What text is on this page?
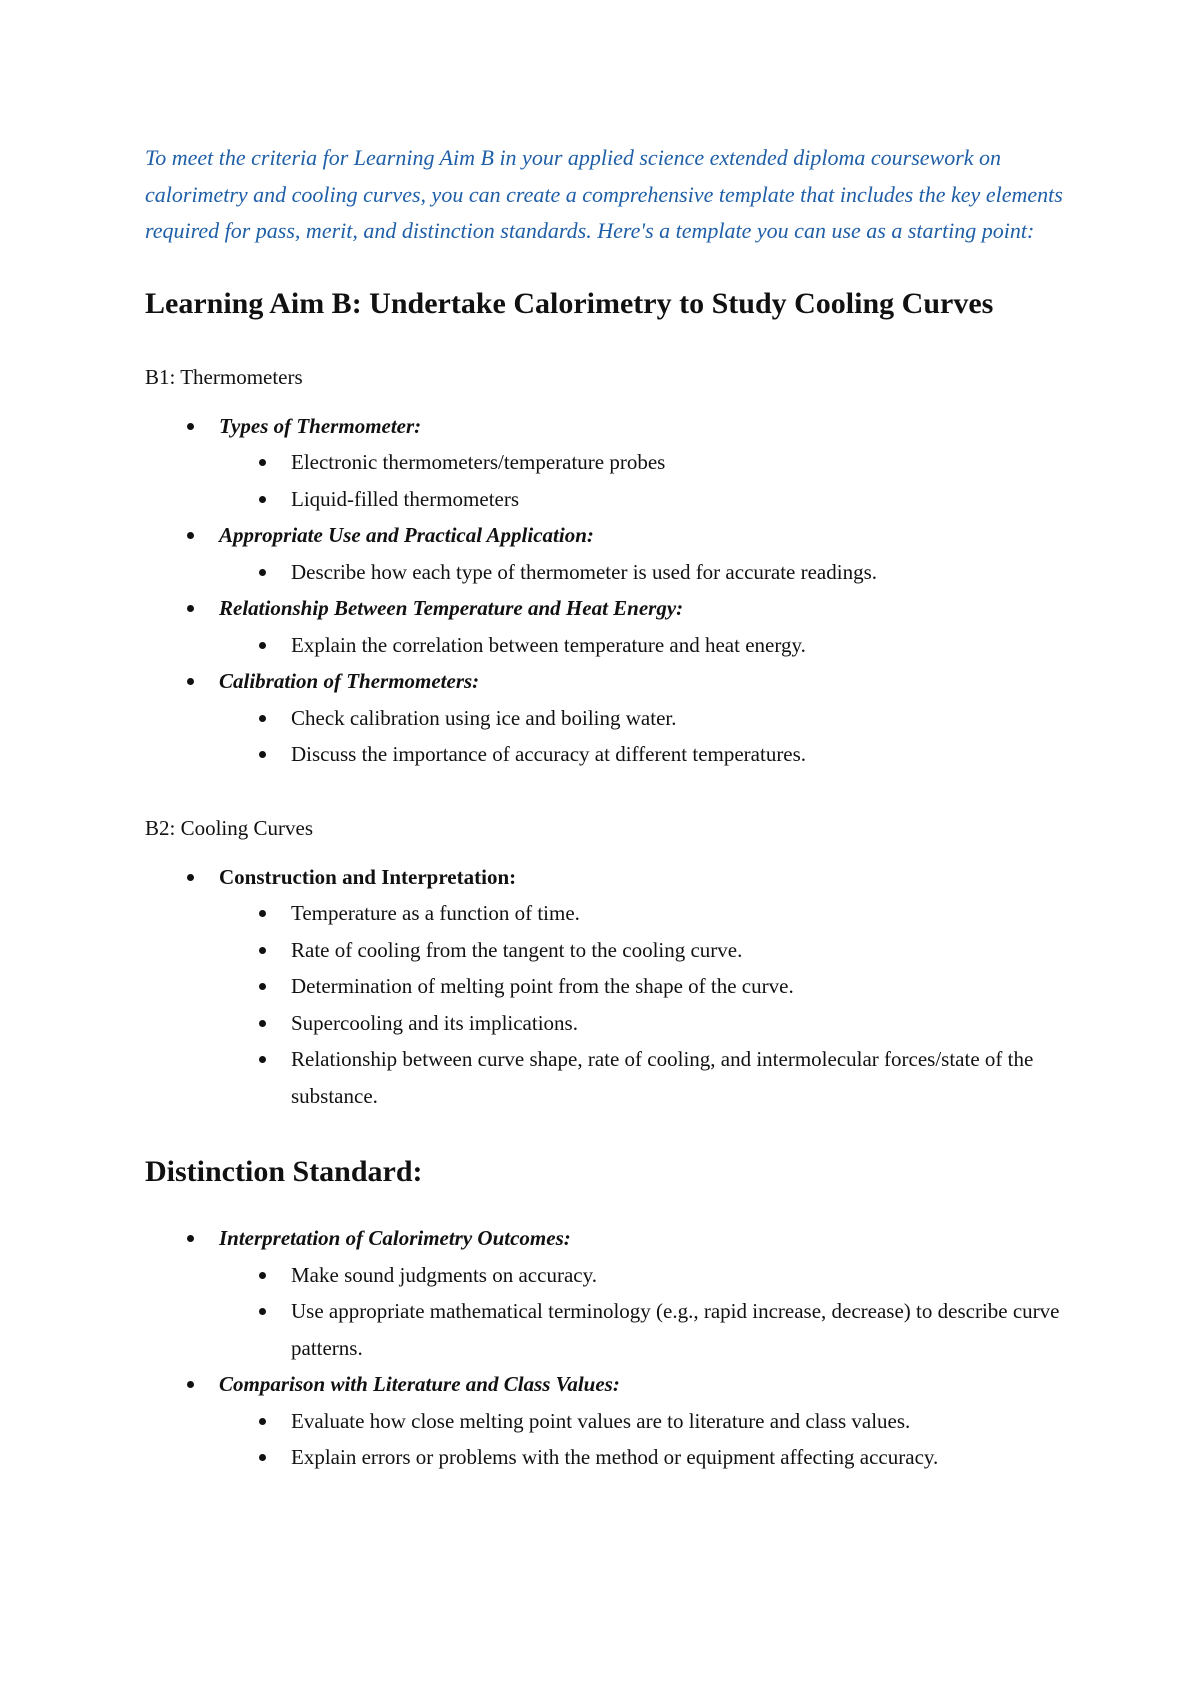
To meet the criteria for Learning Aim B in your applied science extended diploma coursework on calorimetry and cooling curves, you can create a comprehensive template that includes the key elements required for pass, merit, and distinction standards. Here's a template you can use as a starting point:

Learning Aim B: Undertake Calorimetry to Study Cooling Curves
B1: Thermometers
Types of Thermometer:
Electronic thermometers/temperature probes
Liquid-filled thermometers
Appropriate Use and Practical Application:
Describe how each type of thermometer is used for accurate readings.
Relationship Between Temperature and Heat Energy:
Explain the correlation between temperature and heat energy.
Calibration of Thermometers:
Check calibration using ice and boiling water.
Discuss the importance of accuracy at different temperatures.
B2: Cooling Curves
Construction and Interpretation:
Temperature as a function of time.
Rate of cooling from the tangent to the cooling curve.
Determination of melting point from the shape of the curve.
Supercooling and its implications.
Relationship between curve shape, rate of cooling, and intermolecular forces/state of the substance.
Distinction Standard:
Interpretation of Calorimetry Outcomes:
Make sound judgments on accuracy.
Use appropriate mathematical terminology (e.g., rapid increase, decrease) to describe curve patterns.
Comparison with Literature and Class Values:
Evaluate how close melting point values are to literature and class values.
Explain errors or problems with the method or equipment affecting accuracy.
